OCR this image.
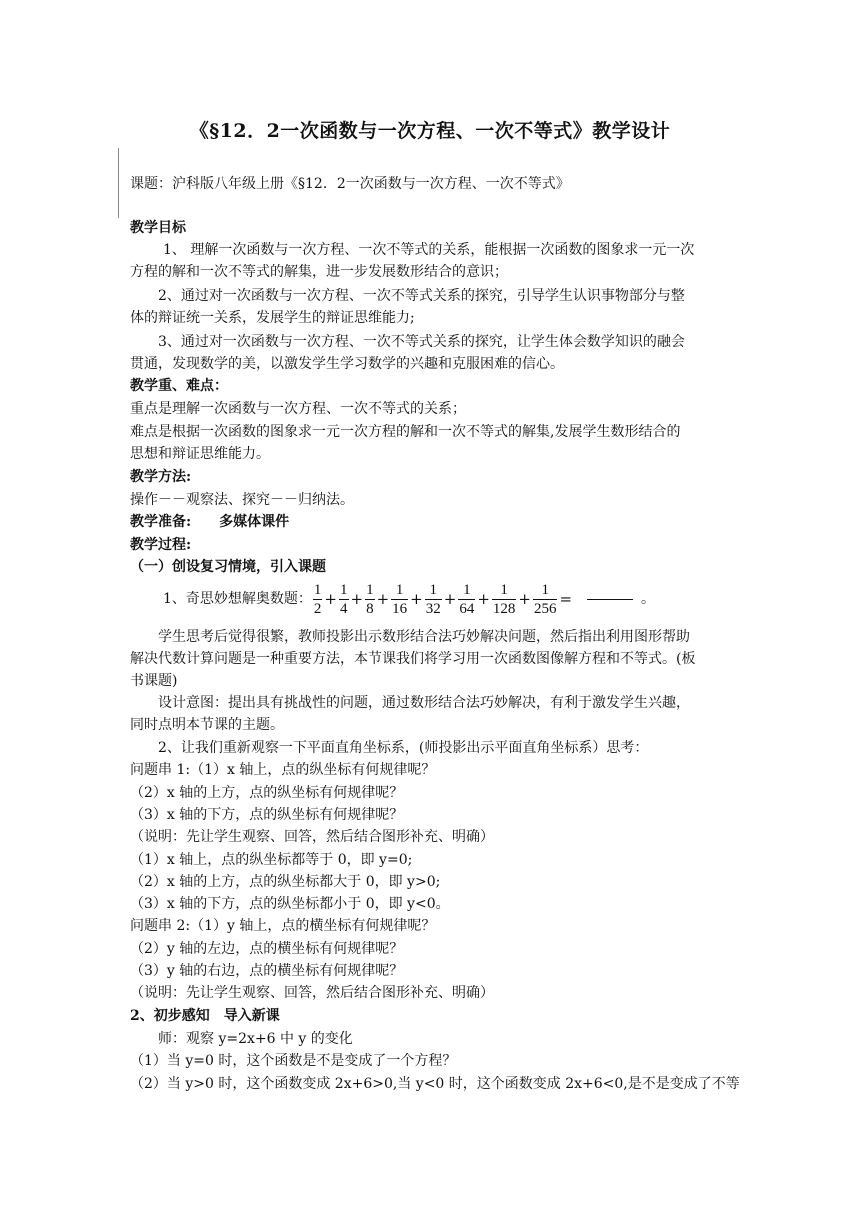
《§12．2一次函数与一次方程、一次不等式》教学设计
课题：沪科版八年级上册《§12．2一次函数与一次方程、一次不等式》
教学目标
1、 理解一次函数与一次方程、一次不等式的关系，能根据一次函数的图象求一元一次
方程的解和一次不等式的解集，进一步发展数形结合的意识；
2、通过对一次函数与一次方程、一次不等式关系的探究，引导学生认识事物部分与整
体的辩证统一关系，发展学生的辩证思维能力;
3、通过对一次函数与一次方程、一次不等式关系的探究，让学生体会数学知识的融会
贯通，发现数学的美，以激发学生学习数学的兴趣和克服困难的信心。
教学重、难点：
重点是理解一次函数与一次方程、一次不等式的关系；
难点是根据一次函数的图象求一元一次方程的解和一次不等式的解集,发展学生数形结合的
思想和辩证思维能力。
教学方法:
操作－－观察法、探究－－归纳法。
教学准备: 多媒体课件
教学过程:
（一）创设复习情境，引入课题
1、奇思妙想解奥数题： $\frac{1}{2} + \frac{1}{4} + \frac{1}{8} + \frac{1}{16} + \frac{1}{32} + \frac{1}{64} + \frac{1}{128} + \frac{1}{256}$ =	。
学生思考后觉得很繁，教师投影出示数形结合法巧妙解决问题，然后指出利用图形帮助
解决代数计算问题是一种重要方法，本节课我们将学习用一次函数图像解方程和不等式。(板
书课题)
设计意图：提出具有挑战性的问题，通过数形结合法巧妙解决，有利于激发学生兴趣，
同时点明本节课的主题。
2、让我们重新观察一下平面直角坐标系，(师投影出示平面直角坐标系）思考：
问题串 1:（1）x 轴上，点的纵坐标有何规律呢？
（2）x 轴的上方，点的纵坐标有何规律呢？
（3）x 轴的下方，点的纵坐标有何规律呢？
（说明：先让学生观察、回答，然后结合图形补充、明确）
（1）x 轴上，点的纵坐标都等于 0，即 y=0;
（2）x 轴的上方，点的纵坐标都大于 0，即 y>0;
（3）x 轴的下方，点的纵坐标都小于 0，即 y<0。
问题串 2:（1）y 轴上，点的横坐标有何规律呢？
（2）y 轴的左边，点的横坐标有何规律呢？
（3）y 轴的右边，点的横坐标有何规律呢？
（说明：先让学生观察、回答，然后结合图形补充、明确）
2、初步感知　导入新课
师：观察 y=2x+6 中 y 的变化
（1）当 y=0 时，这个函数是不是变成了一个方程？
（2）当 y>0 时，这个函数变成 2x+6>0,当 y<0 时，这个函数变成 2x+6<0,是不是变成了不等
